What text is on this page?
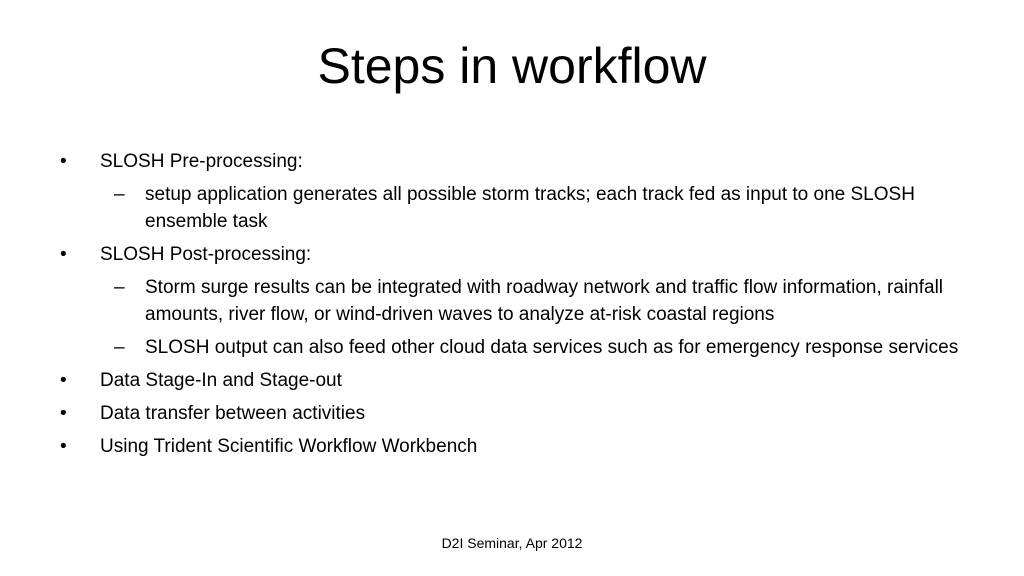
Steps in workflow
• SLOSH Pre-processing:
– setup application generates all possible storm tracks; each track fed as input to one SLOSH ensemble task
• SLOSH Post-processing:
– Storm surge results can be integrated with roadway network and traffic flow information, rainfall amounts, river flow, or wind-driven waves to analyze at-risk coastal regions
– SLOSH output can also feed other cloud data services such as for emergency response services
• Data Stage-In and Stage-out
• Data transfer between activities
• Using Trident Scientific Workflow Workbench
D2I Seminar, Apr 2012
